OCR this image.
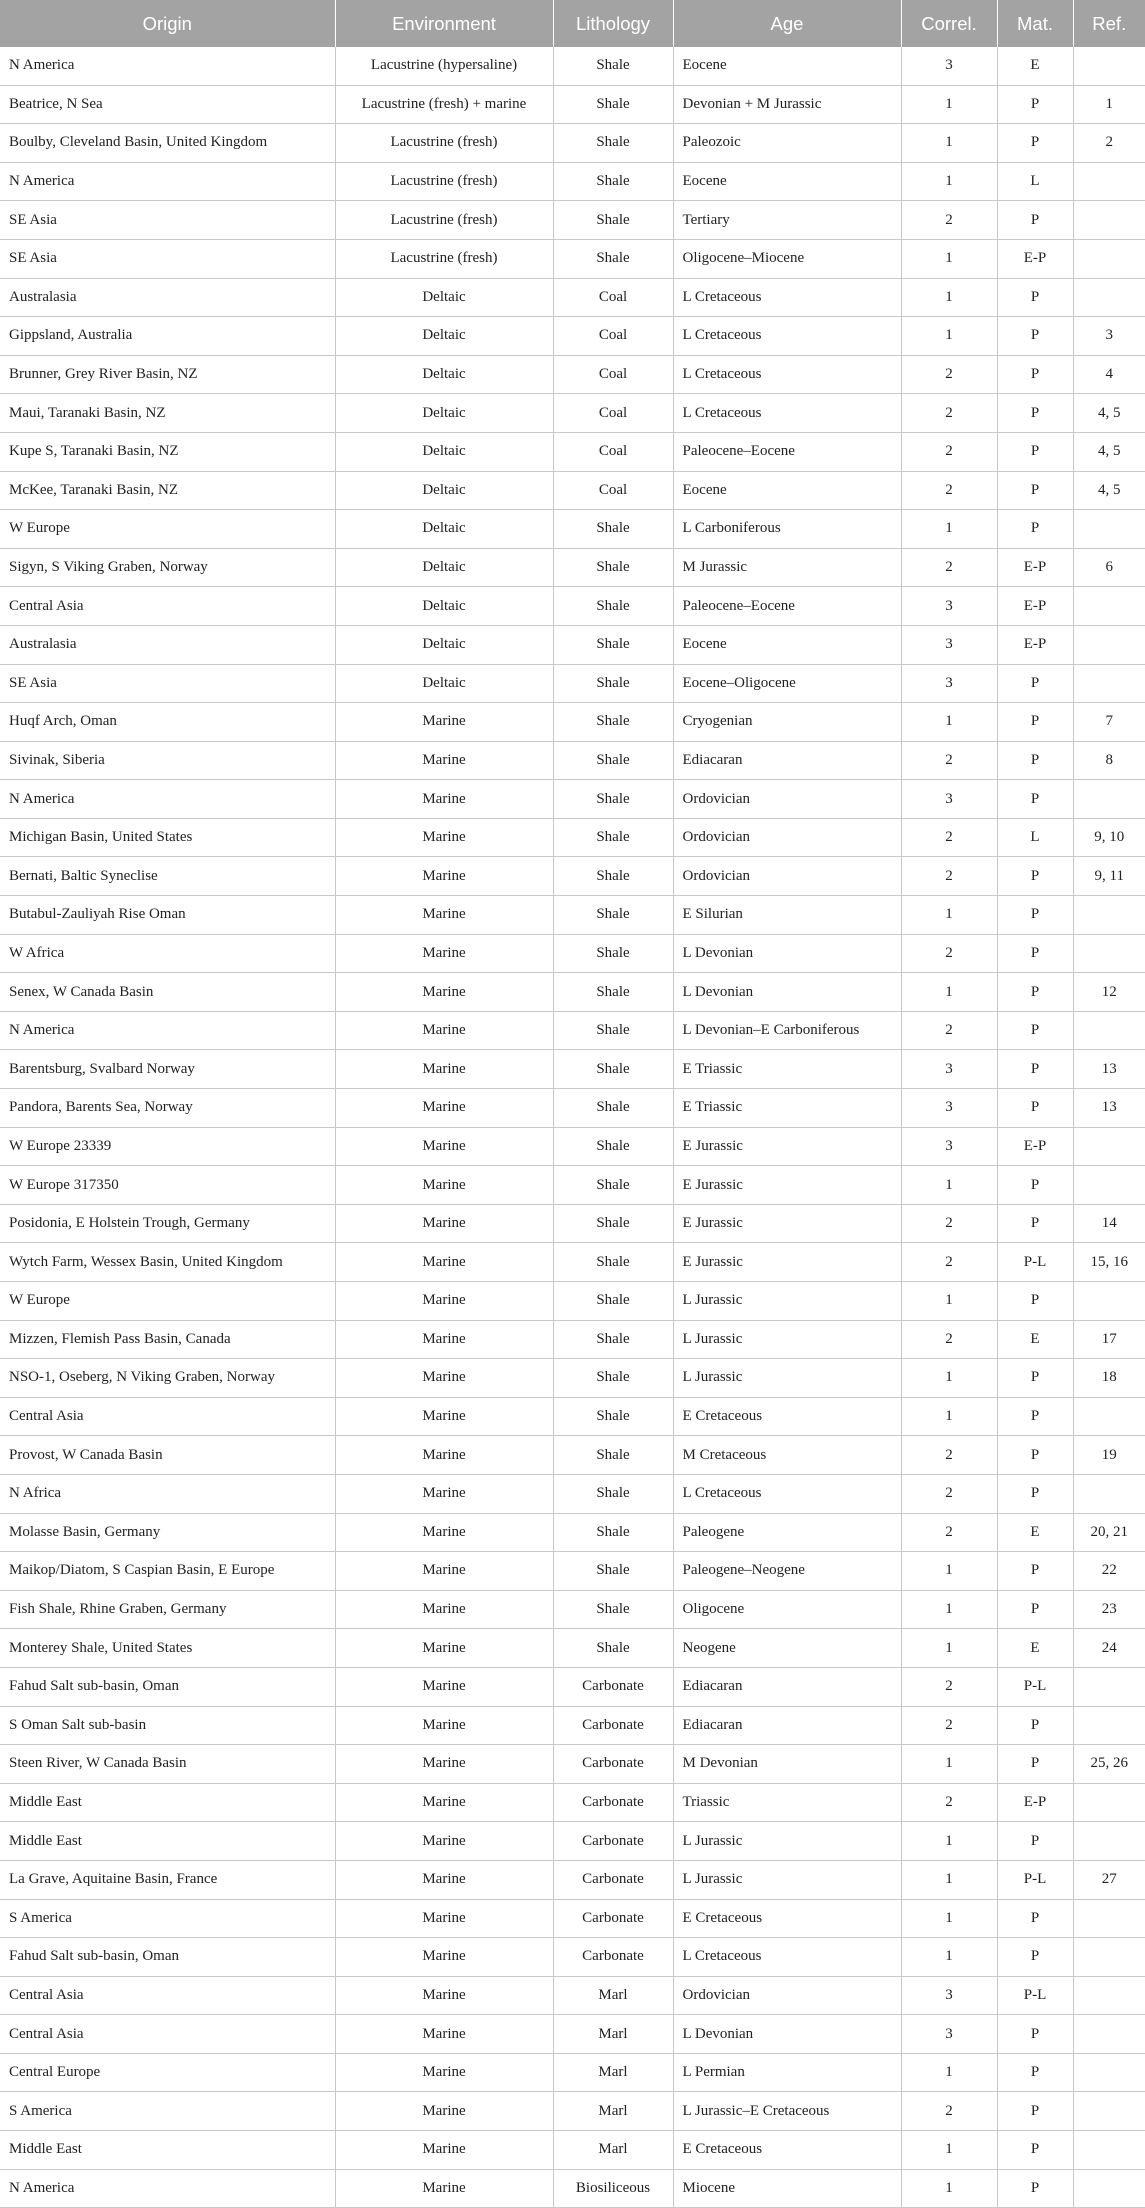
Origin	Environment	Lithology	Age	Correl.	Mat.	Ref.
N America	Lacustrine (hypersaline)	Shale	Eocene	3	E	
Beatrice, N Sea	Lacustrine (fresh) + marine	Shale	Devonian + M Jurassic	1	P	1
Boulby, Cleveland Basin, United Kingdom	Lacustrine (fresh)	Shale	Paleozoic	1	P	2
N America	Lacustrine (fresh)	Shale	Eocene	1	L	
SE Asia	Lacustrine (fresh)	Shale	Tertiary	2	P	
SE Asia	Lacustrine (fresh)	Shale	Oligocene–Miocene	1	E-P	
Australasia	Deltaic	Coal	L Cretaceous	1	P	
Gippsland, Australia	Deltaic	Coal	L Cretaceous	1	P	3
Brunner, Grey River Basin, NZ	Deltaic	Coal	L Cretaceous	2	P	4
Maui, Taranaki Basin, NZ	Deltaic	Coal	L Cretaceous	2	P	4, 5
Kupe S, Taranaki Basin, NZ	Deltaic	Coal	Paleocene–Eocene	2	P	4, 5
McKee, Taranaki Basin, NZ	Deltaic	Coal	Eocene	2	P	4, 5
W Europe	Deltaic	Shale	L Carboniferous	1	P	
Sigyn, S Viking Graben, Norway	Deltaic	Shale	M Jurassic	2	E-P	6
Central Asia	Deltaic	Shale	Paleocene–Eocene	3	E-P	
Australasia	Deltaic	Shale	Eocene	3	E-P	
SE Asia	Deltaic	Shale	Eocene–Oligocene	3	P	
Huqf Arch, Oman	Marine	Shale	Cryogenian	1	P	7
Sivinak, Siberia	Marine	Shale	Ediacaran	2	P	8
N America	Marine	Shale	Ordovician	3	P	
Michigan Basin, United States	Marine	Shale	Ordovician	2	L	9, 10
Bernati, Baltic Syneclise	Marine	Shale	Ordovician	2	P	9, 11
Butabul-Zauliyah Rise Oman	Marine	Shale	E Silurian	1	P	
W Africa	Marine	Shale	L Devonian	2	P	
Senex, W Canada Basin	Marine	Shale	L Devonian	1	P	12
N America	Marine	Shale	L Devonian–E Carboniferous	2	P	
Barentsburg, Svalbard Norway	Marine	Shale	E Triassic	3	P	13
Pandora, Barents Sea, Norway	Marine	Shale	E Triassic	3	P	13
W Europe 23339	Marine	Shale	E Jurassic	3	E-P	
W Europe 317350	Marine	Shale	E Jurassic	1	P	
Posidonia, E Holstein Trough, Germany	Marine	Shale	E Jurassic	2	P	14
Wytch Farm, Wessex Basin, United Kingdom	Marine	Shale	E Jurassic	2	P-L	15, 16
W Europe	Marine	Shale	L Jurassic	1	P	
Mizzen, Flemish Pass Basin, Canada	Marine	Shale	L Jurassic	2	E	17
NSO-1, Oseberg, N Viking Graben, Norway	Marine	Shale	L Jurassic	1	P	18
Central Asia	Marine	Shale	E Cretaceous	1	P	
Provost, W Canada Basin	Marine	Shale	M Cretaceous	2	P	19
N Africa	Marine	Shale	L Cretaceous	2	P	
Molasse Basin, Germany	Marine	Shale	Paleogene	2	E	20, 21
Maikop/Diatom, S Caspian Basin, E Europe	Marine	Shale	Paleogene–Neogene	1	P	22
Fish Shale, Rhine Graben, Germany	Marine	Shale	Oligocene	1	P	23
Monterey Shale, United States	Marine	Shale	Neogene	1	E	24
Fahud Salt sub-basin, Oman	Marine	Carbonate	Ediacaran	2	P-L	
S Oman Salt sub-basin	Marine	Carbonate	Ediacaran	2	P	
Steen River, W Canada Basin	Marine	Carbonate	M Devonian	1	P	25, 26
Middle East	Marine	Carbonate	Triassic	2	E-P	
Middle East	Marine	Carbonate	L Jurassic	1	P	
La Grave, Aquitaine Basin, France	Marine	Carbonate	L Jurassic	1	P-L	27
S America	Marine	Carbonate	E Cretaceous	1	P	
Fahud Salt sub-basin, Oman	Marine	Carbonate	L Cretaceous	1	P	
Central Asia	Marine	Marl	Ordovician	3	P-L	
Central Asia	Marine	Marl	L Devonian	3	P	
Central Europe	Marine	Marl	L Permian	1	P	
S America	Marine	Marl	L Jurassic–E Cretaceous	2	P	
Middle East	Marine	Marl	E Cretaceous	1	P	
N America	Marine	Biosiliceous	Miocene	1	P	
